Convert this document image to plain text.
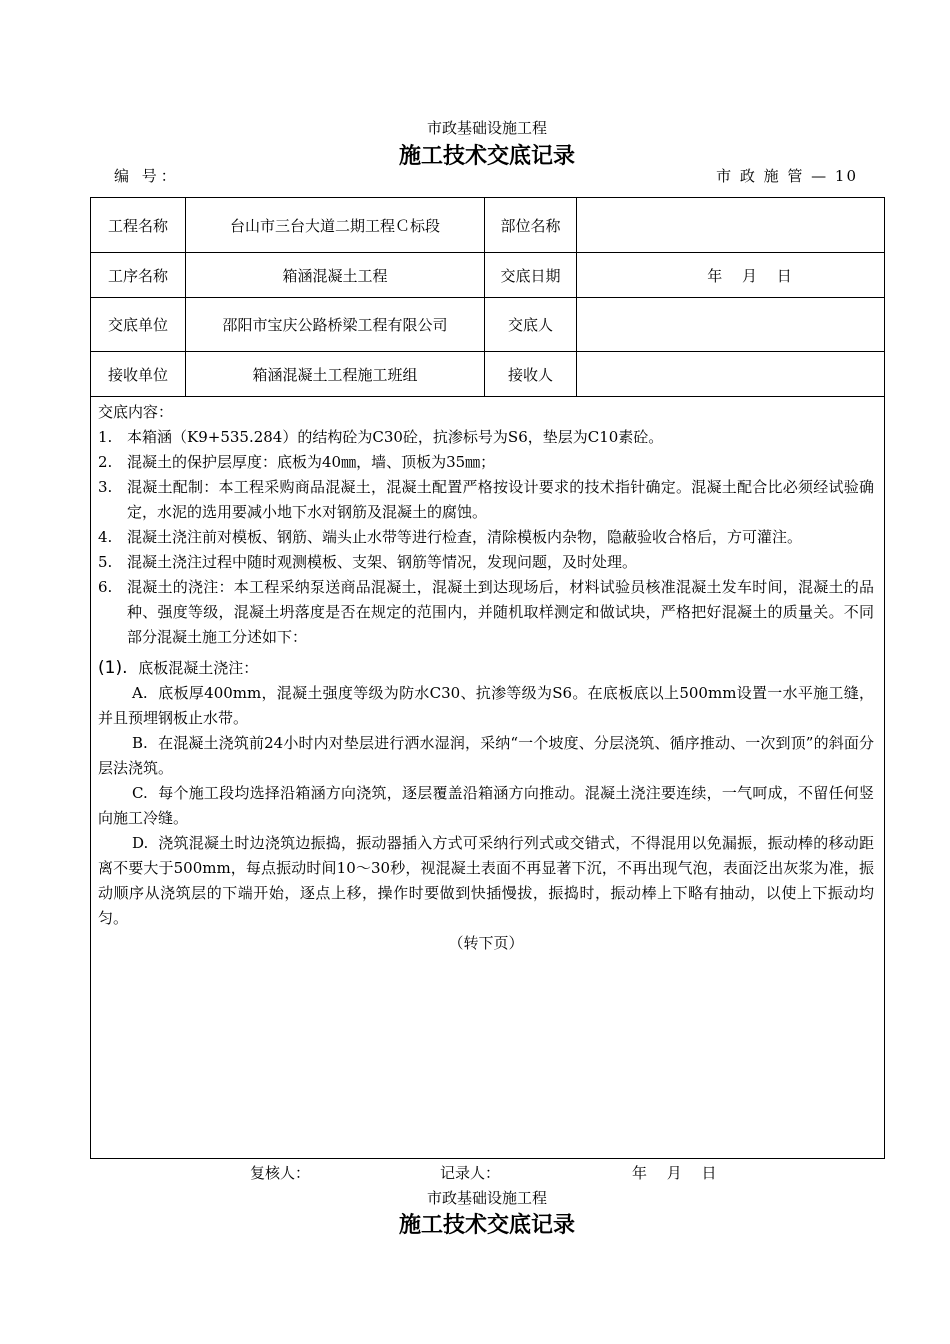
市政基础设施工程
施工技术交底记录
编 号：	市 政 施 管 — 10
工程名称	台山市三台大道二期工程Ｃ标段	部位名称	
工序名称	箱涵混凝土工程	交底日期	年　 月　 日
交底单位	邵阳市宝庆公路桥梁工程有限公司	交底人	
接收单位	箱涵混凝土工程施工班组	接收人	
交底内容：
1. 本箱涵（K9+535.284）的结构砼为C30砼，抗渗标号为S6，垫层为C10素砼。
2. 混凝土的保护层厚度：底板为40㎜，墙、顶板为35㎜；
3. 混凝土配制：本工程采购商品混凝土，混凝土配置严格按设计要求的技术指针确定。混凝土配合比必须经试验确定，水泥的选用要减小地下水对钢筋及混凝土的腐蚀。
4. 混凝土浇注前对模板、钢筋、端头止水带等进行检查，清除模板内杂物，隐蔽验收合格后，方可灌注。
5. 混凝土浇注过程中随时观测模板、支架、钢筋等情况，发现问题，及时处理。
6. 混凝土的浇注：本工程采纳泵送商品混凝土，混凝土到达现场后，材料试验员核准混凝土发车时间，混凝土的品种、强度等级，混凝土坍落度是否在规定的范围内，并随机取样测定和做试块，严格把好混凝土的质量关。不同部分混凝土施工分述如下：
(1). 底板混凝土浇注：
A. 底板厚400mm，混凝土强度等级为防水C30、抗渗等级为S6。在底板底以上500mm设置一水平施工缝，并且预埋钢板止水带。
B. 在混凝土浇筑前24小时内对垫层进行洒水湿润，采纳“一个坡度、分层浇筑、循序推动、一次到顶”的斜面分层法浇筑。
C. 每个施工段均选择沿箱涵方向浇筑，逐层覆盖沿箱涵方向推动。混凝土浇注要连续，一气呵成，不留任何竖向施工冷缝。
D. 浇筑混凝土时边浇筑边振捣，振动器插入方式可采纳行列式或交错式，不得混用以免漏振，振动棒的移动距离不要大于500mm，每点振动时间10～30秒，视混凝土表面不再显著下沉，不再出现气泡，表面泛出灰浆为准，振动顺序从浇筑层的下端开始，逐点上移，操作时要做到快插慢拔，振捣时，振动棒上下略有抽动，以使上下振动均匀。
（转下页）
复核人：	记录人：	年　 月　 日
市政基础设施工程
施工技术交底记录
